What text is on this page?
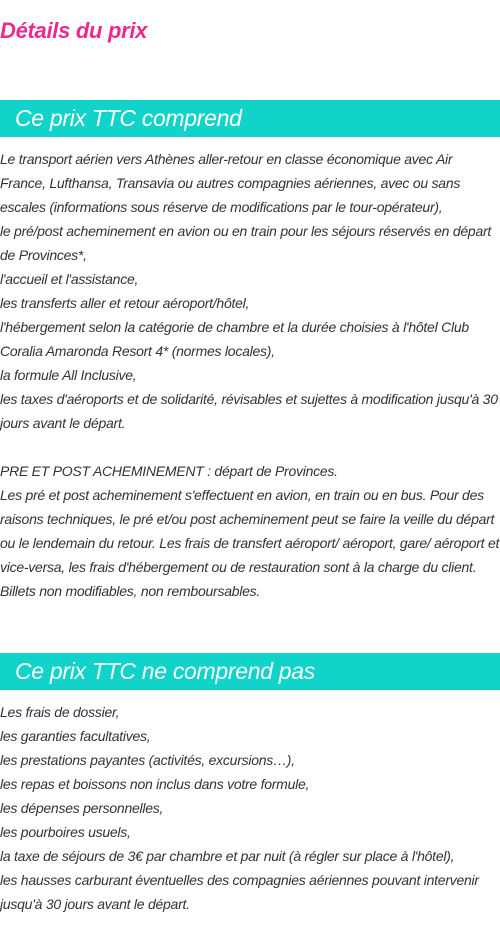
Détails du prix
Ce prix TTC comprend
Le transport aérien vers Athènes aller-retour en classe économique avec Air France, Lufthansa, Transavia ou autres compagnies aériennes, avec ou sans escales (informations sous réserve de modifications par le tour-opérateur),
le pré/post acheminement en avion ou en train pour les séjours réservés en départ de Provinces*,
l'accueil et l'assistance,
les transferts aller et retour aéroport/hôtel,
l'hébergement selon la catégorie de chambre et la durée choisies à l'hôtel Club Coralia Amaronda Resort 4* (normes locales),
la formule All Inclusive,
les taxes d'aéroports et de solidarité, révisables et sujettes à modification jusqu'à 30 jours avant le départ.

PRE ET POST ACHEMINEMENT : départ de Provinces.

Les pré et post acheminement s'effectuent en avion, en train ou en bus. Pour des raisons techniques, le pré et/ou post acheminement peut se faire la veille du départ ou le lendemain du retour. Les frais de transfert aéroport/ aéroport, gare/ aéroport et vice-versa, les frais d'hébergement ou de restauration sont à la charge du client. Billets non modifiables, non remboursables.

Ce prix TTC ne comprend pas
Les frais de dossier,
les garanties facultatives,
les prestations payantes (activités, excursions…),
les repas et boissons non inclus dans votre formule,
les dépenses personnelles,
les pourboires usuels,
la taxe de séjours de 3€ par chambre et par nuit (à régler sur place à l'hôtel),
les hausses carburant éventuelles des compagnies aériennes pouvant intervenir jusqu'à 30 jours avant le départ.
